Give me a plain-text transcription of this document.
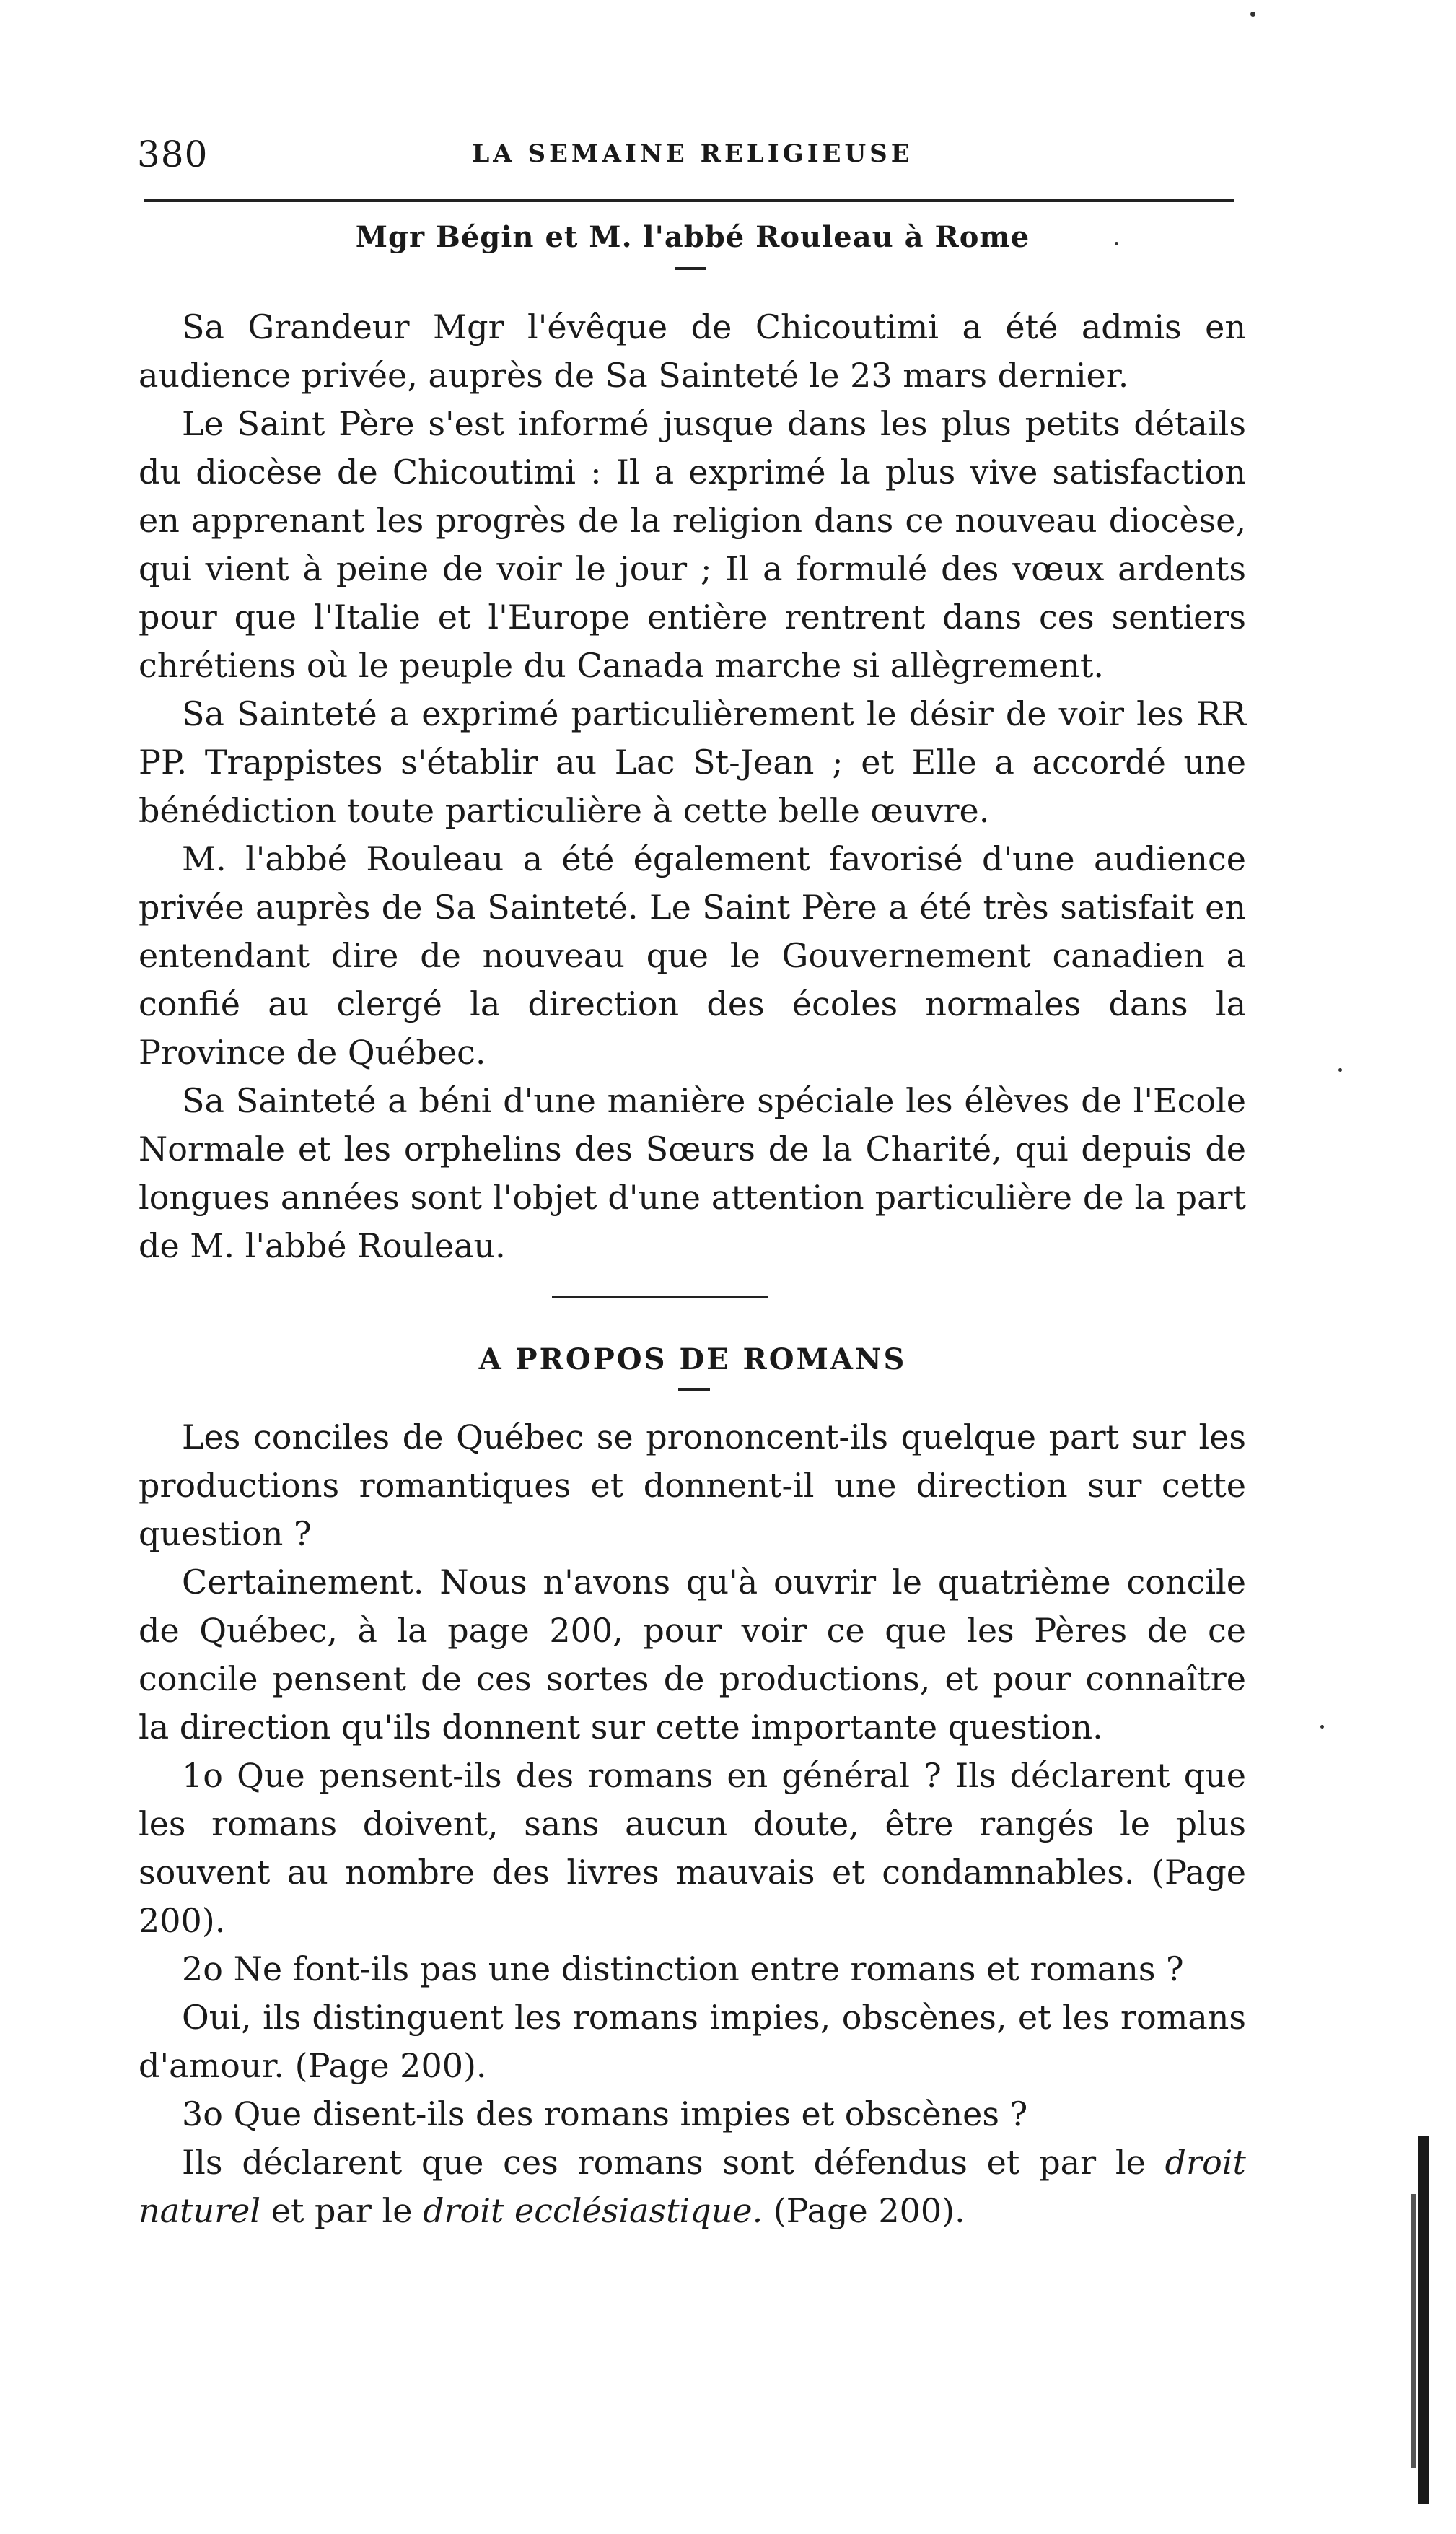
380	LA SEMAINE RELIGIEUSE
Mgr Bégin et M. l'abbé Rouleau à Rome

Sa Grandeur Mgr l'évêque de Chicoutimi a été admis en audience privée, auprès de Sa Sainteté le 23 mars dernier.

Le Saint Père s'est informé jusque dans les plus petits détails du diocèse de Chicoutimi : Il a exprimé la plus vive satisfaction en apprenant les progrès de la religion dans ce nouveau diocèse, qui vient à peine de voir le jour ; Il a formulé des vœux ardents pour que l'Italie et l'Europe entière rentrent dans ces sentiers chrétiens où le peuple du Canada marche si allègrement.

Sa Sainteté a exprimé particulièrement le désir de voir les RR PP. Trappistes s'établir au Lac St-Jean ; et Elle a accordé une bénédiction toute particulière à cette belle œuvre.

M. l'abbé Rouleau a été également favorisé d'une audience privée auprès de Sa Sainteté. Le Saint Père a été très satisfait en entendant dire de nouveau que le Gouvernement canadien a confié au clergé la direction des écoles normales dans la Province de Québec.

Sa Sainteté a béni d'une manière spéciale les élèves de l'Ecole Normale et les orphelins des Sœurs de la Charité, qui depuis de longues années sont l'objet d'une attention particulière de la part de M. l'abbé Rouleau.

A PROPOS DE ROMANS

Les conciles de Québec se prononcent-ils quelque part sur les productions romantiques et donnent-il une direction sur cette question ?

Certainement. Nous n'avons qu'à ouvrir le quatrième concile de Québec, à la page 200, pour voir ce que les Pères de ce concile pensent de ces sortes de productions, et pour connaître la direction qu'ils donnent sur cette importante question.

1o Que pensent-ils des romans en général ? Ils déclarent que les romans doivent, sans aucun doute, être rangés le plus souvent au nombre des livres mauvais et condamnables. (Page 200).

2o Ne font-ils pas une distinction entre romans et romans ?

Oui, ils distinguent les romans impies, obscènes, et les romans d'amour. (Page 200).

3o Que disent-ils des romans impies et obscènes ?

Ils déclarent que ces romans sont défendus et par le droit naturel et par le droit ecclésiastique. (Page 200).
